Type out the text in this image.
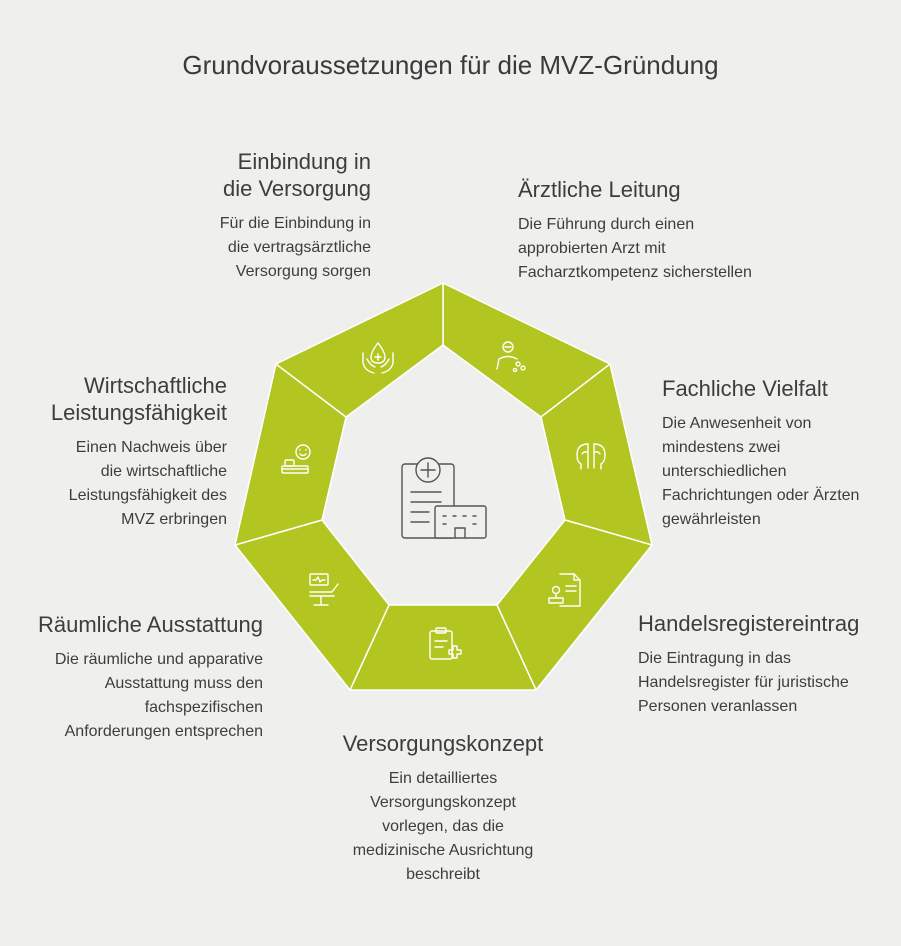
Grundvoraussetzungen für die MVZ-Gründung

Ärztliche Leitung

Die Führung durch einen
approbierten Arzt mit
Facharztkompetenz sicherstellen

Fachliche Vielfalt

Die Anwesenheit von
mindestens zwei
unterschiedlichen
Fachrichtungen oder Ärzten
gewährleisten

Handelsregistereintrag

Die Eintragung in das
Handelsregister für juristische
Personen veranlassen

Versorgungskonzept

Ein detailliertes
Versorgungskonzept
vorlegen, das die
medizinische Ausrichtung
beschreibt

Räumliche Ausstattung

Die räumliche und apparative
Ausstattung muss den
fachspezifischen
Anforderungen entsprechen

Wirtschaftliche
Leistungsfähigkeit

Einen Nachweis über
die wirtschaftliche
Leistungsfähigkeit des
MVZ erbringen

Einbindung in
die Versorgung

Für die Einbindung in
die vertragsärztliche
Versorgung sorgen
